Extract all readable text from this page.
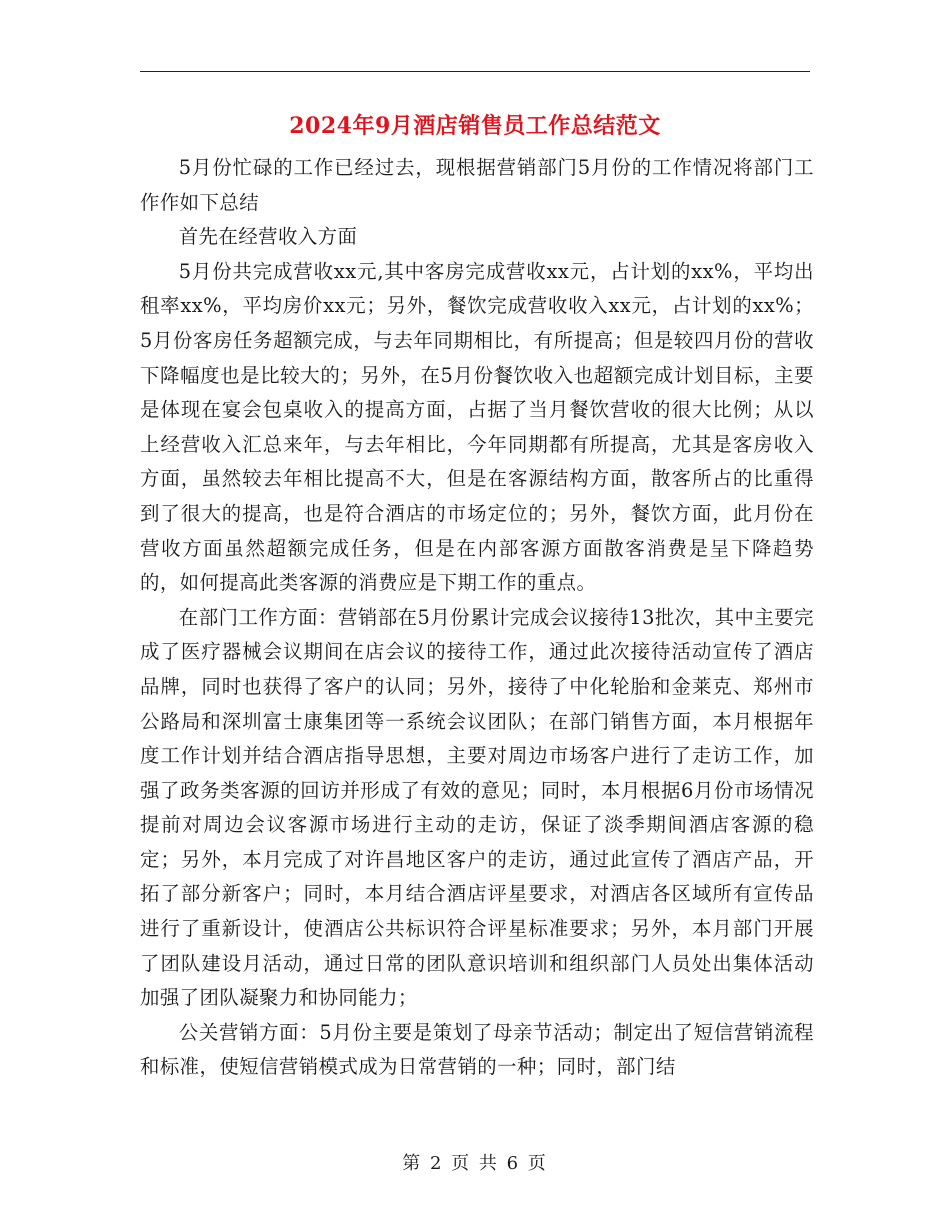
2024年9月酒店销售员工作总结范文

5月份忙碌的工作已经过去，现根据营销部门5月份的工作情况将部门工作作如下总结

首先在经营收入方面

5月份共完成营收xx元,其中客房完成营收xx元，占计划的xx%，平均出租率xx%，平均房价xx元；另外，餐饮完成营收收入xx元，占计划的xx%；5月份客房任务超额完成，与去年同期相比，有所提高；但是较四月份的营收下降幅度也是比较大的；另外，在5月份餐饮收入也超额完成计划目标，主要是体现在宴会包桌收入的提高方面，占据了当月餐饮营收的很大比例；从以上经营收入汇总来年，与去年相比，今年同期都有所提高，尤其是客房收入方面，虽然较去年相比提高不大，但是在客源结构方面，散客所占的比重得到了很大的提高，也是符合酒店的市场定位的；另外，餐饮方面，此月份在营收方面虽然超额完成任务，但是在内部客源方面散客消费是呈下降趋势的，如何提高此类客源的消费应是下期工作的重点。

在部门工作方面：营销部在5月份累计完成会议接待13批次，其中主要完成了医疗器械会议期间在店会议的接待工作，通过此次接待活动宣传了酒店品牌，同时也获得了客户的认同；另外，接待了中化轮胎和金莱克、郑州市公路局和深圳富士康集团等一系统会议团队；在部门销售方面，本月根据年度工作计划并结合酒店指导思想，主要对周边市场客户进行了走访工作，加强了政务类客源的回访并形成了有效的意见；同时，本月根据6月份市场情况提前对周边会议客源市场进行主动的走访，保证了淡季期间酒店客源的稳定；另外，本月完成了对许昌地区客户的走访，通过此宣传了酒店产品，开拓了部分新客户；同时，本月结合酒店评星要求，对酒店各区域所有宣传品进行了重新设计，使酒店公共标识符合评星标准要求；另外，本月部门开展了团队建设月活动，通过日常的团队意识培训和组织部门人员处出集体活动加强了团队凝聚力和协同能力；

公关营销方面：5月份主要是策划了母亲节活动；制定出了短信营销流程和标准，使短信营销模式成为日常营销的一种；同时，部门结

第 2 页 共 6 页
